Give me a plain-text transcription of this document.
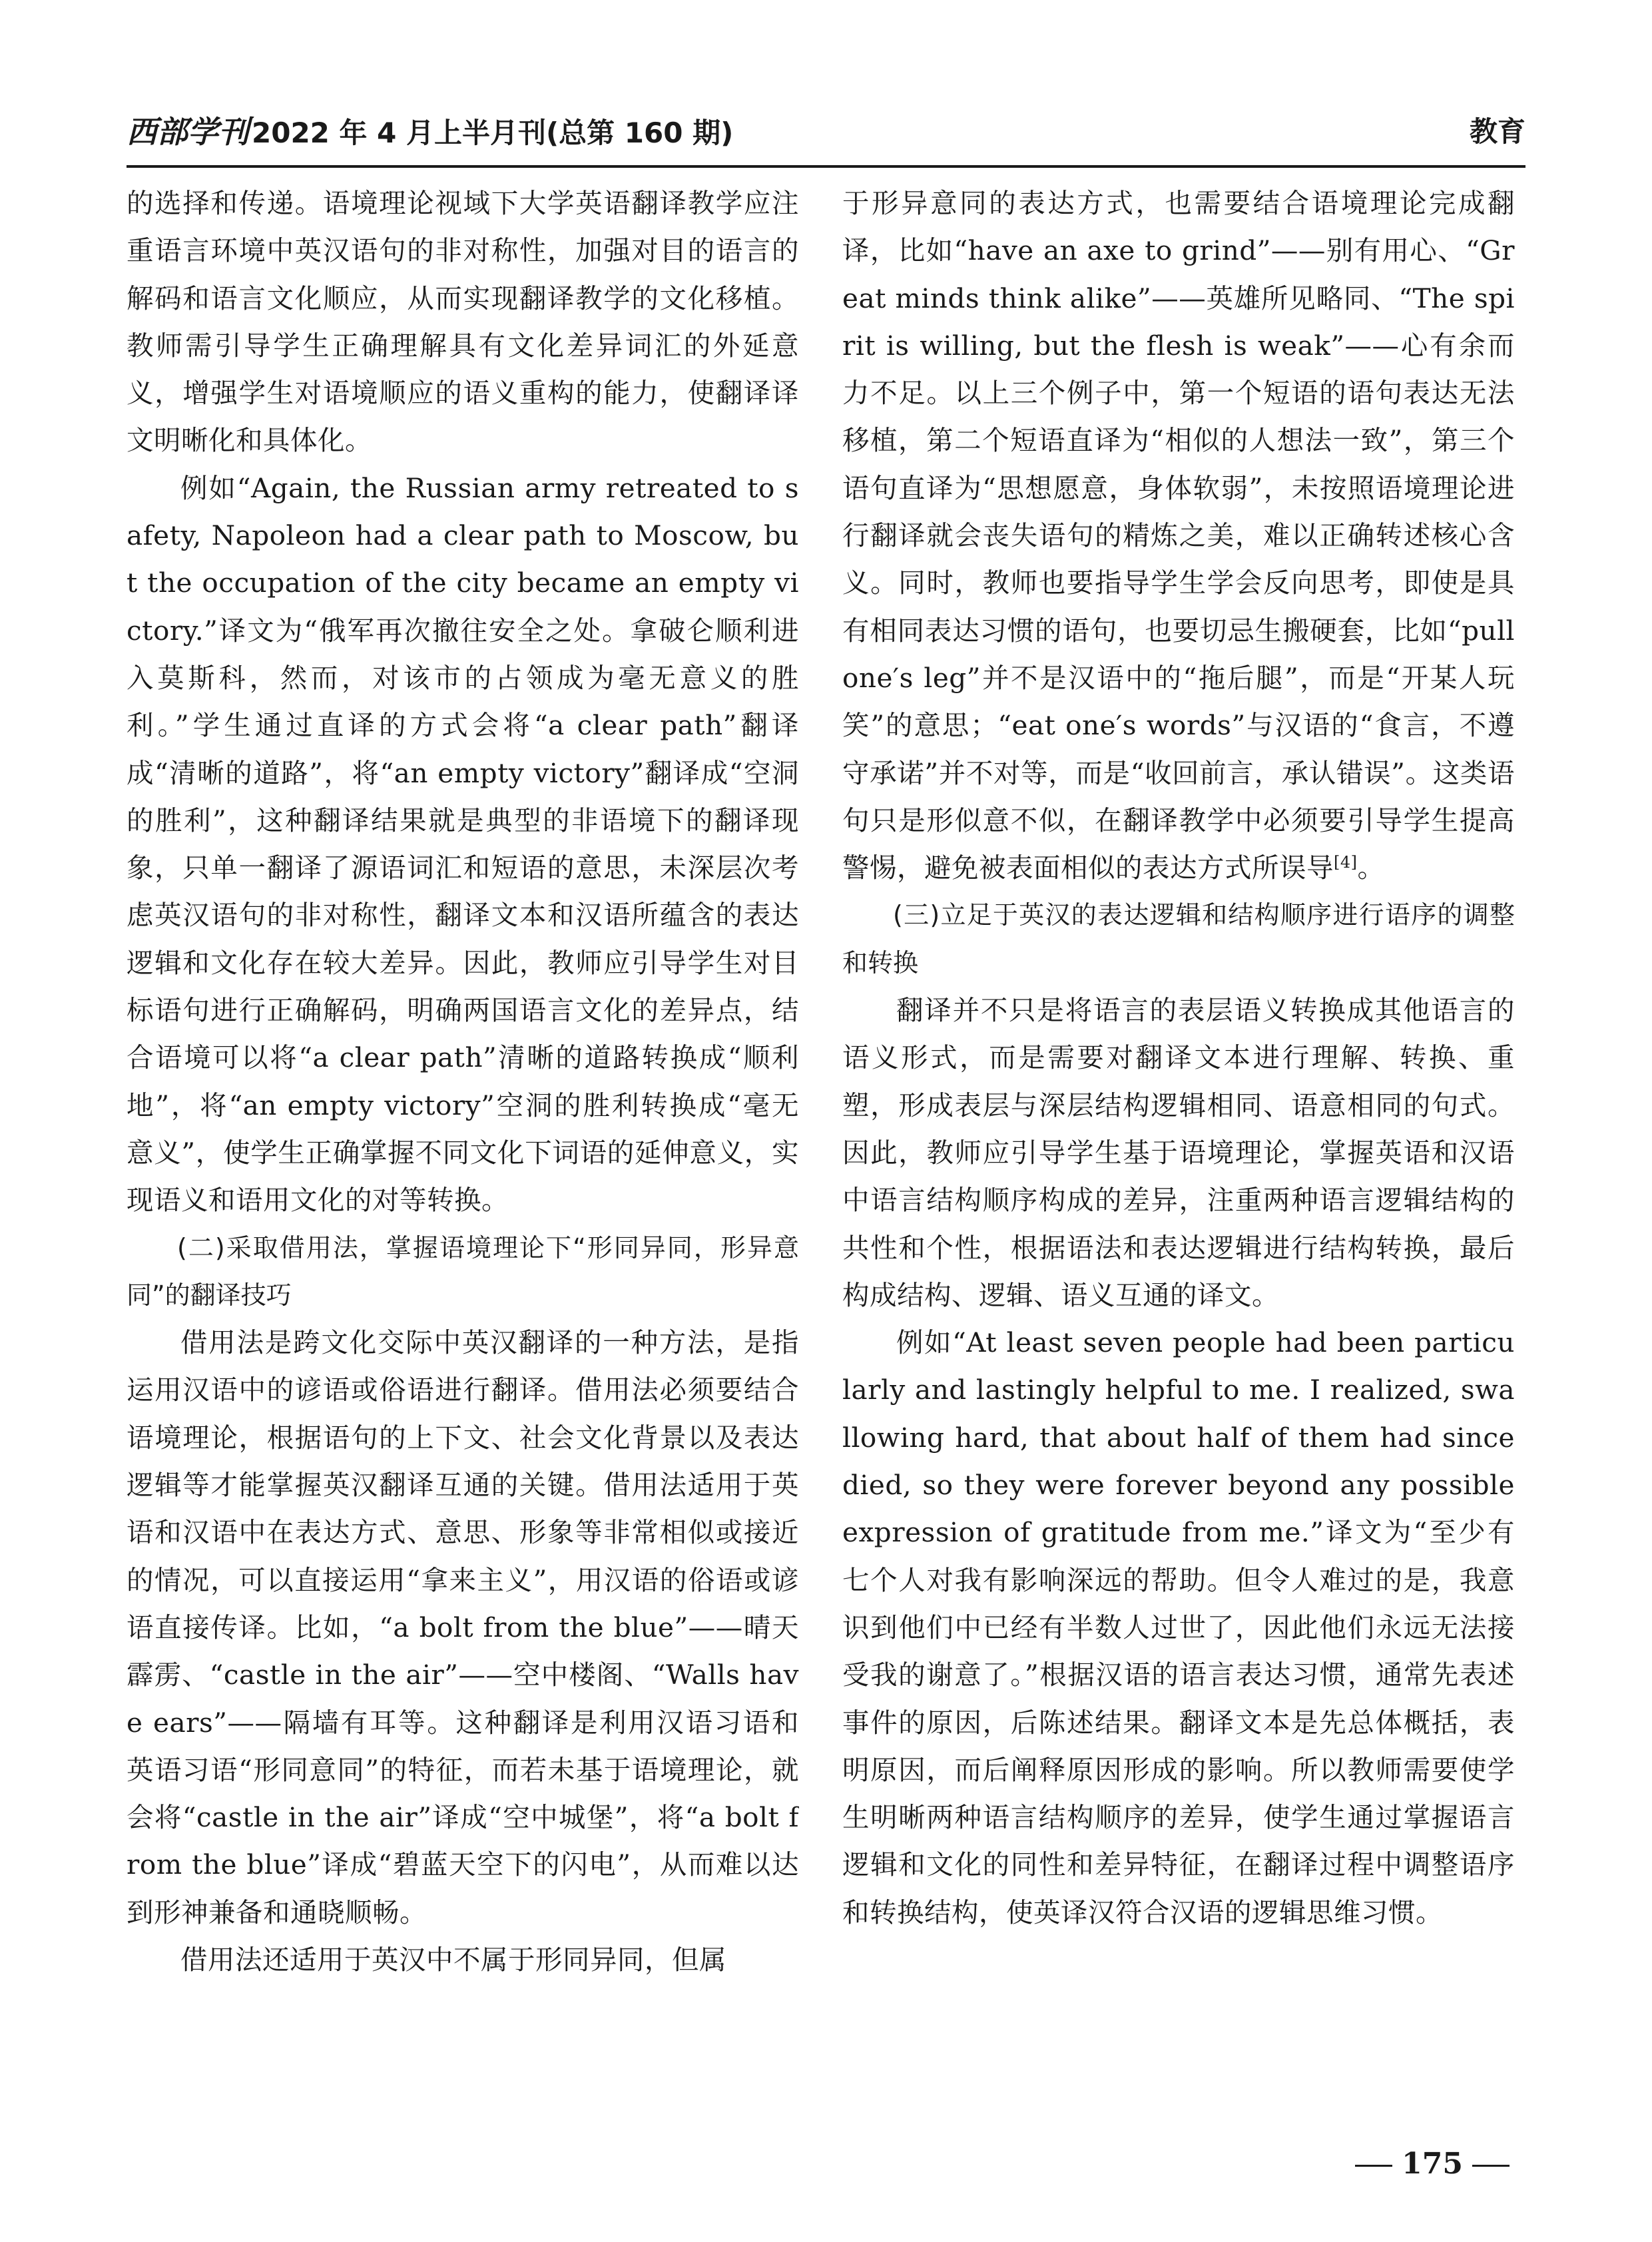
西部学刊2022 年 4 月上半月刊(总第 160 期)	教育

的选择和传递。语境理论视域下大学英语翻译教学应注重语言环境中英汉语句的非对称性，加强对目的语言的解码和语言文化顺应，从而实现翻译教学的文化移植。教师需引导学生正确理解具有文化差异词汇的外延意义，增强学生对语境顺应的语义重构的能力，使翻译译文明晰化和具体化。

例如“Again, the Russian army retreated to safety, Napoleon had a clear path to Moscow, but the occupation of the city became an empty victory.”译文为“俄军再次撤往安全之处。拿破仑顺利进入莫斯科，然而，对该市的占领成为毫无意义的胜利。”学生通过直译的方式会将“a clear path”翻译成“清晰的道路”，将“an empty victory”翻译成“空洞的胜利”，这种翻译结果就是典型的非语境下的翻译现象，只单一翻译了源语词汇和短语的意思，未深层次考虑英汉语句的非对称性，翻译文本和汉语所蕴含的表达逻辑和文化存在较大差异。因此，教师应引导学生对目标语句进行正确解码，明确两国语言文化的差异点，结合语境可以将“a clear path”清晰的道路转换成“顺利地”，将“an empty victory”空洞的胜利转换成“毫无意义”，使学生正确掌握不同文化下词语的延伸意义，实现语义和语用文化的对等转换。

(二)采取借用法，掌握语境理论下“形同异同，形异意同”的翻译技巧

借用法是跨文化交际中英汉翻译的一种方法，是指运用汉语中的谚语或俗语进行翻译。借用法必须要结合语境理论，根据语句的上下文、社会文化背景以及表达逻辑等才能掌握英汉翻译互通的关键。借用法适用于英语和汉语中在表达方式、意思、形象等非常相似或接近的情况，可以直接运用“拿来主义”，用汉语的俗语或谚语直接传译。比如，“a bolt from the blue”——晴天霹雳、“castle in the air”——空中楼阁、“Walls have ears”——隔墙有耳等。这种翻译是利用汉语习语和英语习语“形同意同”的特征，而若未基于语境理论，就会将“castle in the air”译成“空中城堡”，将“a bolt from the blue”译成“碧蓝天空下的闪电”，从而难以达到形神兼备和通晓顺畅。

借用法还适用于英汉中不属于形同异同，但属

于形异意同的表达方式，也需要结合语境理论完成翻译，比如“have an axe to grind”——别有用心、“Great minds think alike”——英雄所见略同、“The spirit is willing, but the flesh is weak”——心有余而力不足。以上三个例子中，第一个短语的语句表达无法移植，第二个短语直译为“相似的人想法一致”，第三个语句直译为“思想愿意，身体软弱”，未按照语境理论进行翻译就会丧失语句的精炼之美，难以正确转述核心含义。同时，教师也要指导学生学会反向思考，即使是具有相同表达习惯的语句，也要切忌生搬硬套，比如“pull one′s leg”并不是汉语中的“拖后腿”，而是“开某人玩笑”的意思；“eat one′s words”与汉语的“食言，不遵守承诺”并不对等，而是“收回前言，承认错误”。这类语句只是形似意不似，在翻译教学中必须要引导学生提高警惕，避免被表面相似的表达方式所误导[4]。

(三)立足于英汉的表达逻辑和结构顺序进行语序的调整和转换

翻译并不只是将语言的表层语义转换成其他语言的语义形式，而是需要对翻译文本进行理解、转换、重塑，形成表层与深层结构逻辑相同、语意相同的句式。因此，教师应引导学生基于语境理论，掌握英语和汉语中语言结构顺序构成的差异，注重两种语言逻辑结构的共性和个性，根据语法和表达逻辑进行结构转换，最后构成结构、逻辑、语义互通的译文。

例如“At least seven people had been particularly and lastingly helpful to me. I realized, swallowing hard, that about half of them had since died, so they were forever beyond any possible expression of gratitude from me.”译文为“至少有七个人对我有影响深远的帮助。但令人难过的是，我意识到他们中已经有半数人过世了，因此他们永远无法接受我的谢意了。”根据汉语的语言表达习惯，通常先表述事件的原因，后陈述结果。翻译文本是先总体概括，表明原因，而后阐释原因形成的影响。所以教师需要使学生明晰两种语言结构顺序的差异，使学生通过掌握语言逻辑和文化的同性和差异特征，在翻译过程中调整语序和转换结构，使英译汉符合汉语的逻辑思维习惯。

175
